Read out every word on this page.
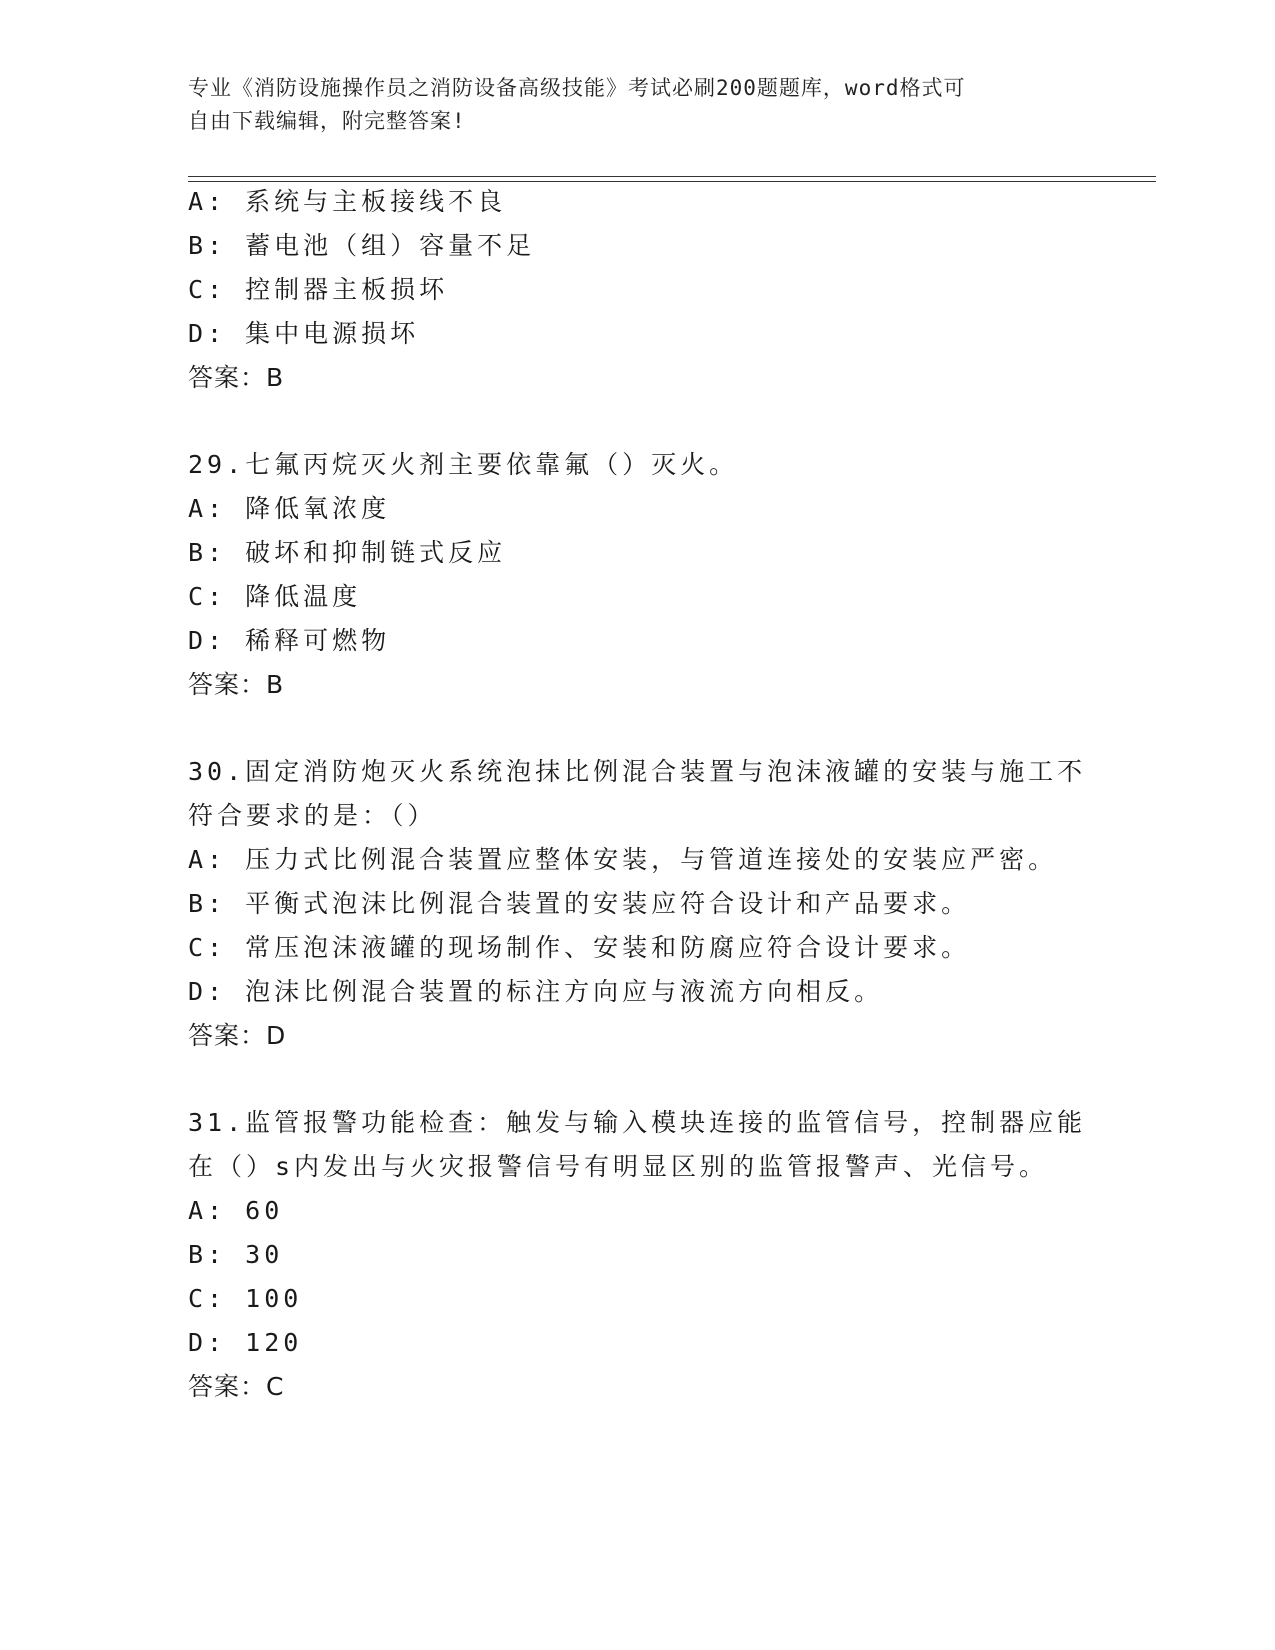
专业《消防设施操作员之消防设备高级技能》考试必刷200题题库，word格式可
自由下载编辑，附完整答案!
A: 系统与主板接线不良
B: 蓄电池（组）容量不足
C: 控制器主板损坏
D: 集中电源损坏
答案：B
29.七氟丙烷灭火剂主要依靠氟（）灭火。
A: 降低氧浓度
B: 破坏和抑制链式反应
C: 降低温度
D: 稀释可燃物
答案：B
30.固定消防炮灭火系统泡抹比例混合装置与泡沫液罐的安装与施工不
符合要求的是：（）
A: 压力式比例混合装置应整体安装，与管道连接处的安装应严密。
B: 平衡式泡沫比例混合装置的安装应符合设计和产品要求。
C: 常压泡沫液罐的现场制作、安装和防腐应符合设计要求。
D: 泡沫比例混合装置的标注方向应与液流方向相反。
答案：D
31.监管报警功能检查：触发与输入模块连接的监管信号，控制器应能
在（）s内发出与火灾报警信号有明显区别的监管报警声、光信号。
A: 60
B: 30
C: 100
D: 120
答案：C
